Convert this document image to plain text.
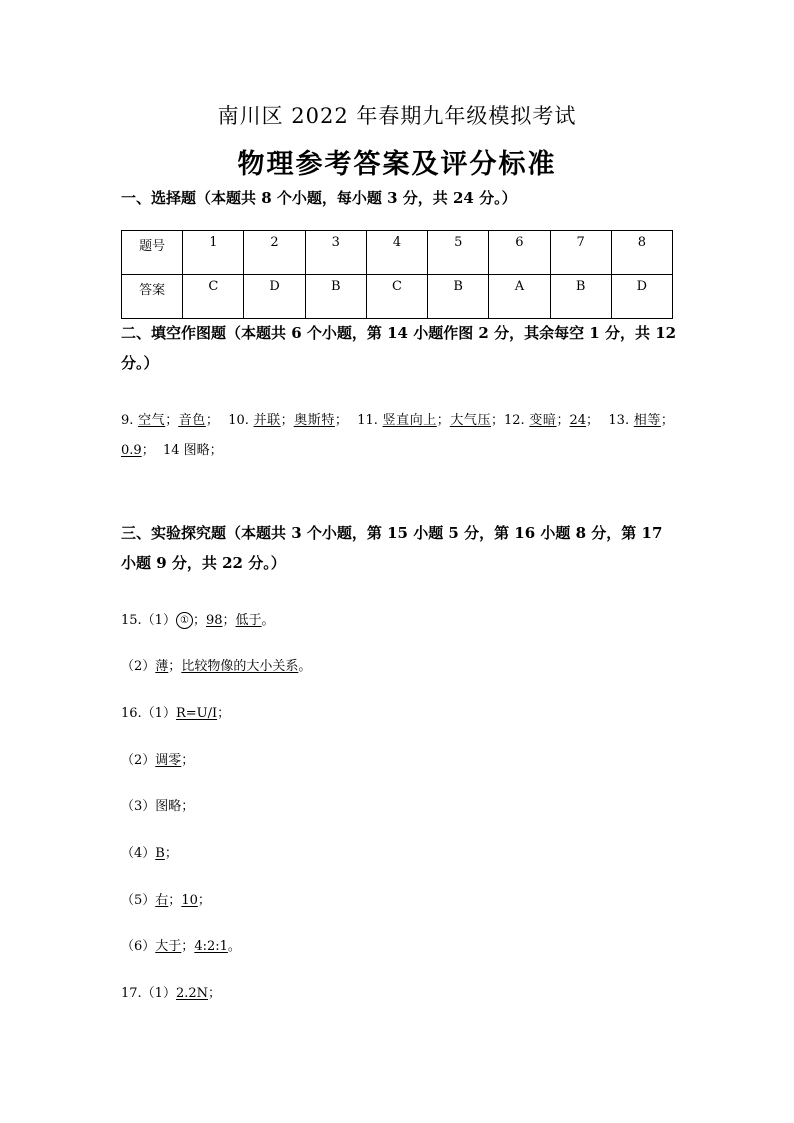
南川区 2022 年春期九年级模拟考试
物理参考答案及评分标准
一、选择题（本题共 8 个小题，每小题 3 分，共 24 分。）
题号	1	2	3	4	5	6	7	8
答案	C	D	B	C	B	A	B	D
二、填空作图题（本题共 6 个小题，第 14 小题作图 2 分，其余每空 1 分，共 12 分。）
9. 空气；音色；  10. 并联；奥斯特；  11. 竖直向上；大气压；12. 变暗；24；  13. 相等；0.9；  14 图略；
三、实验探究题（本题共 3 个小题，第 15 小题 5 分，第 16 小题 8 分，第 17 小题 9 分，共 22 分。）
15.（1） ① ；98；低于。
（2）薄；比较物像的大小关系。
16.（1）R=U/I；
（2）调零；
（3）图略；
（4）B；
（5）右；10；
（6）大于；4:2:1。
17.（1）2.2N；
